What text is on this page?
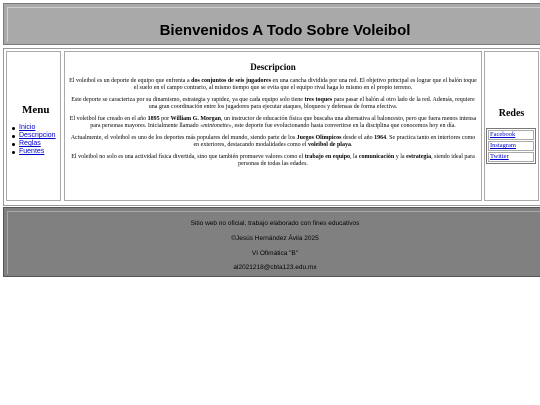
Bienvenidos A Todo Sobre Voleibol
Menu
Inicio
Descripcion
Reglas
Fuentes
Descripcion

El voleibol es un deporte de equipo que enfrenta a dos conjuntos de seis jugadores en una cancha dividida por una red. El objetivo principal es lograr que el balón toque el suelo en el campo contrario, al mismo tiempo que se evita que el equipo rival haga lo mismo en el propio terreno.

Este deporte se caracteriza por su dinamismo, estrategia y rapidez, ya que cada equipo solo tiene tres toques para pasar el balón al otro lado de la red. Además, requiere una gran coordinación entre los jugadores para ejecutar ataques, bloqueos y defensas de forma efectiva.

El voleibol fue creado en el año 1895 por William G. Morgan, un instructor de educación física que buscaba una alternativa al baloncesto, pero que fuera menos intensa para personas mayores. Inicialmente llamado «mintonette», este deporte fue evolucionando hasta convertirse en la disciplina que conocemos hoy en día.

Actualmente, el voleibol es uno de los deportes más populares del mundo, siendo parte de los Juegos Olímpicos desde el año 1964. Se practica tanto en interiores como en exteriores, destacando modalidades como el voleibol de playa.

El voleibol no solo es una actividad física divertida, sino que también promueve valores como el trabajo en equipo, la comunicación y la estrategia, siendo ideal para personas de todas las edades.

Redes
Facebook
Instagram
Twitter
Sitio web no oficial, trabajo elaborado con fines educativos
©Jesús Hernández Ávila 2025
VI Ofimática "B"
al2021218@cbta123.edu.mx
